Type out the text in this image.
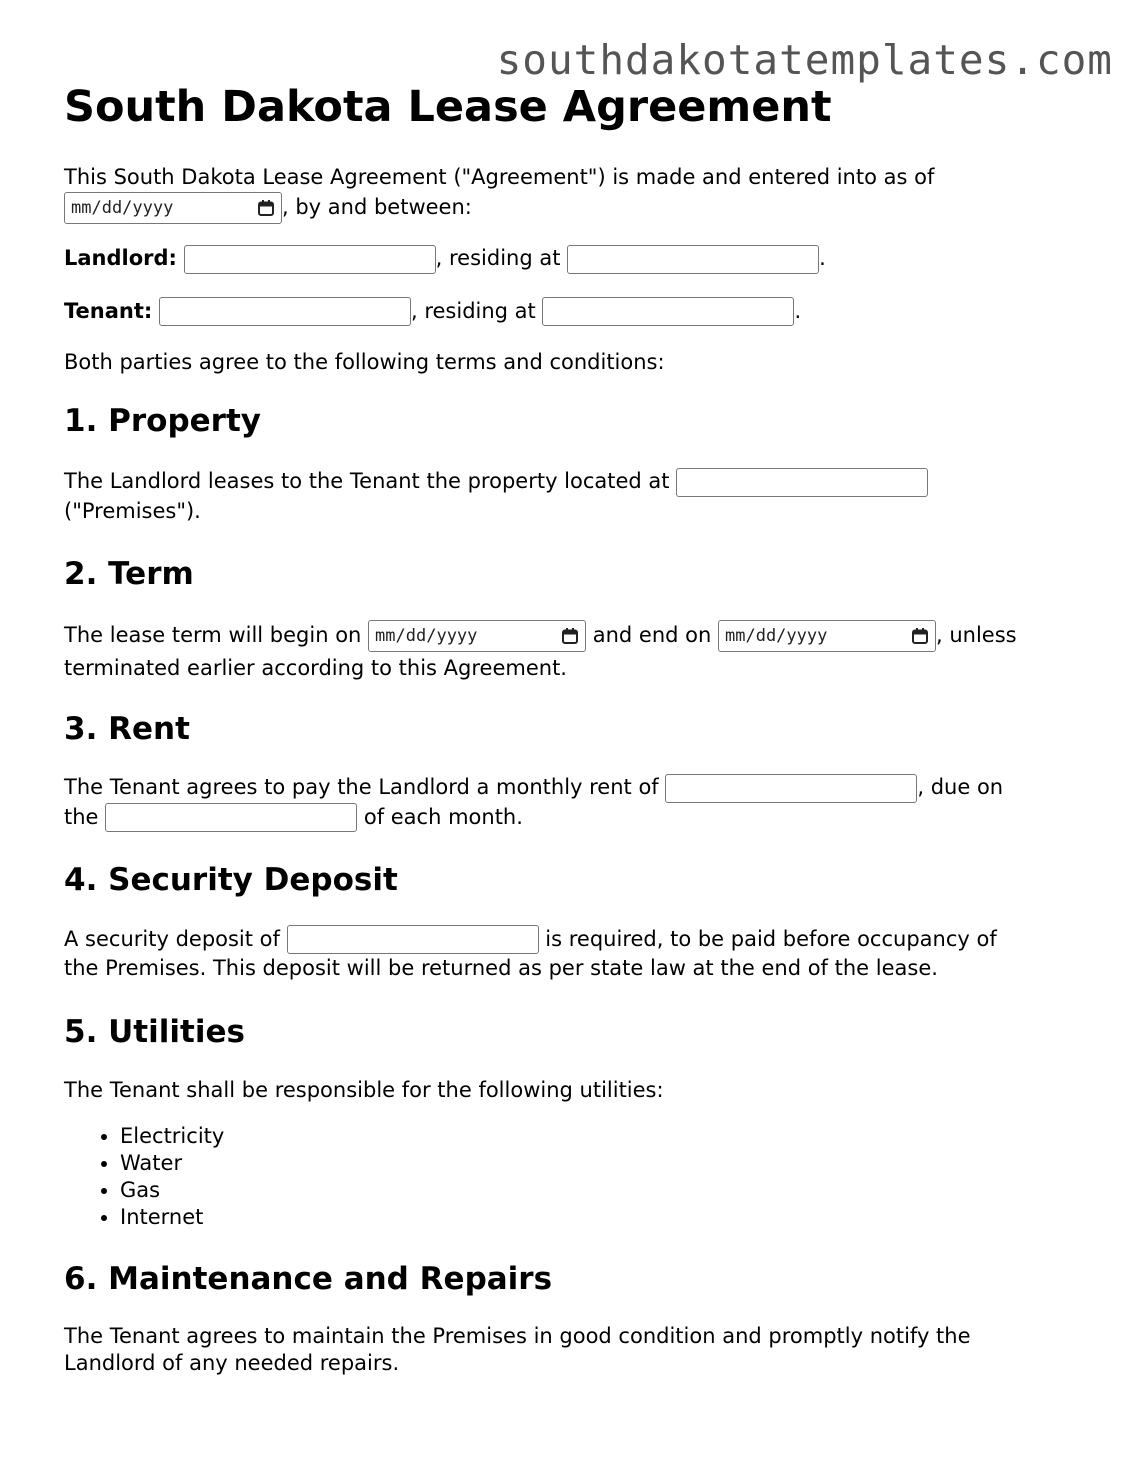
southdakotatemplates.com
South Dakota Lease Agreement

This South Dakota Lease Agreement ("Agreement") is made and entered into as of

mm/dd/yyyy	, by and between:

Landlord:	, residing at	.

Tenant:	, residing at	.

Both parties agree to the following terms and conditions:

1. Property

The Landlord leases to the Tenant the property located at
("Premises").

2. Term

The lease term will begin on mm/dd/yyyy	and end on mm/dd/yyyy	, unless
terminated earlier according to this Agreement.

3. Rent

The Tenant agrees to pay the Landlord a monthly rent of	, due on
the	of each month.

4. Security Deposit

A security deposit of	is required, to be paid before occupancy of
the Premises. This deposit will be returned as per state law at the end of the lease.

5. Utilities

The Tenant shall be responsible for the following utilities:

• Electricity
• Water
• Gas
• Internet
6. Maintenance and Repairs

The Tenant agrees to maintain the Premises in good condition and promptly notify the
Landlord of any needed repairs.
